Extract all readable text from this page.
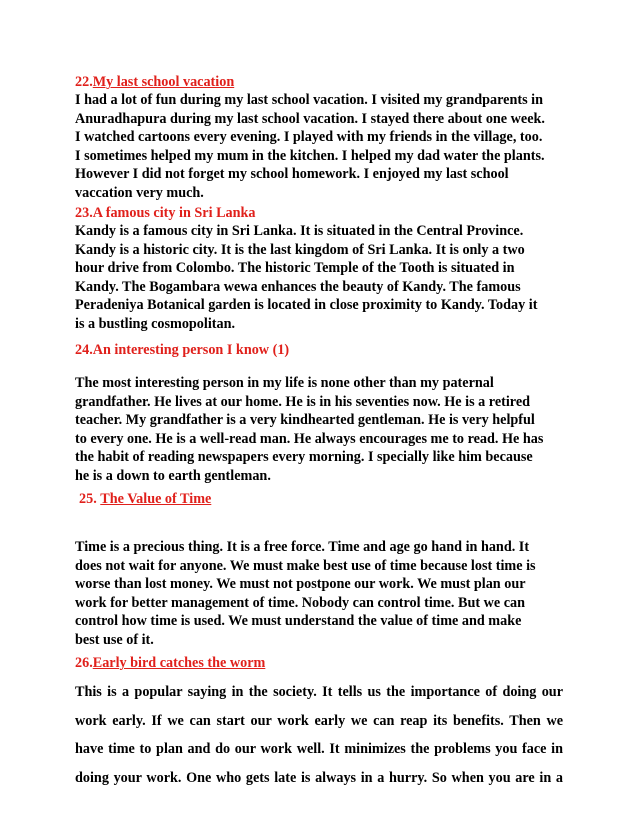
22.My last school vacation

I had a lot of fun during my last school vacation. I visited my grandparents in
Anuradhapura during my last school vacation. I stayed there about one week.
I watched cartoons every evening. I played with my friends in the village, too.
I sometimes helped my mum in the kitchen. I helped my dad water the plants.
However I did not forget my school homework. I enjoyed my last school
vaccation very much.

23.A famous city in Sri Lanka

Kandy is a famous city in Sri Lanka. It is situated in the Central Province.
Kandy is a historic city. It is the last kingdom of Sri Lanka. It is only a two
hour drive from Colombo. The historic Temple of the Tooth is situated in
Kandy. The Bogambara wewa enhances the beauty of Kandy. The famous
Peradeniya Botanical garden is located in close proximity to Kandy. Today it
is a bustling cosmopolitan.

24.An interesting person I know (1)

The most interesting person in my life is none other than my paternal
grandfather. He lives at our home. He is in his seventies now. He is a retired
teacher. My grandfather is a very kindhearted gentleman. He is very helpful
to every one. He is a well-read man. He always encourages me to read. He has
the habit of reading newspapers every morning. I specially like him because
he is a down to earth gentleman.

25. The Value of Time

Time is a precious thing. It is a free force. Time and age go hand in hand. It
does not wait for anyone. We must make best use of time because lost time is
worse than lost money. We must not postpone our work. We must plan our
work for better management of time. Nobody can control time. But we can
control how time is used. We must understand the value of time and make
best use of it.

26.Early bird catches the worm

This is a popular saying in the society. It tells us the importance of doing our
work early. If we can start our work early we can reap its benefits. Then we
have time to plan and do our work well. It minimizes the problems you face in
doing your work. One who gets late is always in a hurry. So when you are in a
